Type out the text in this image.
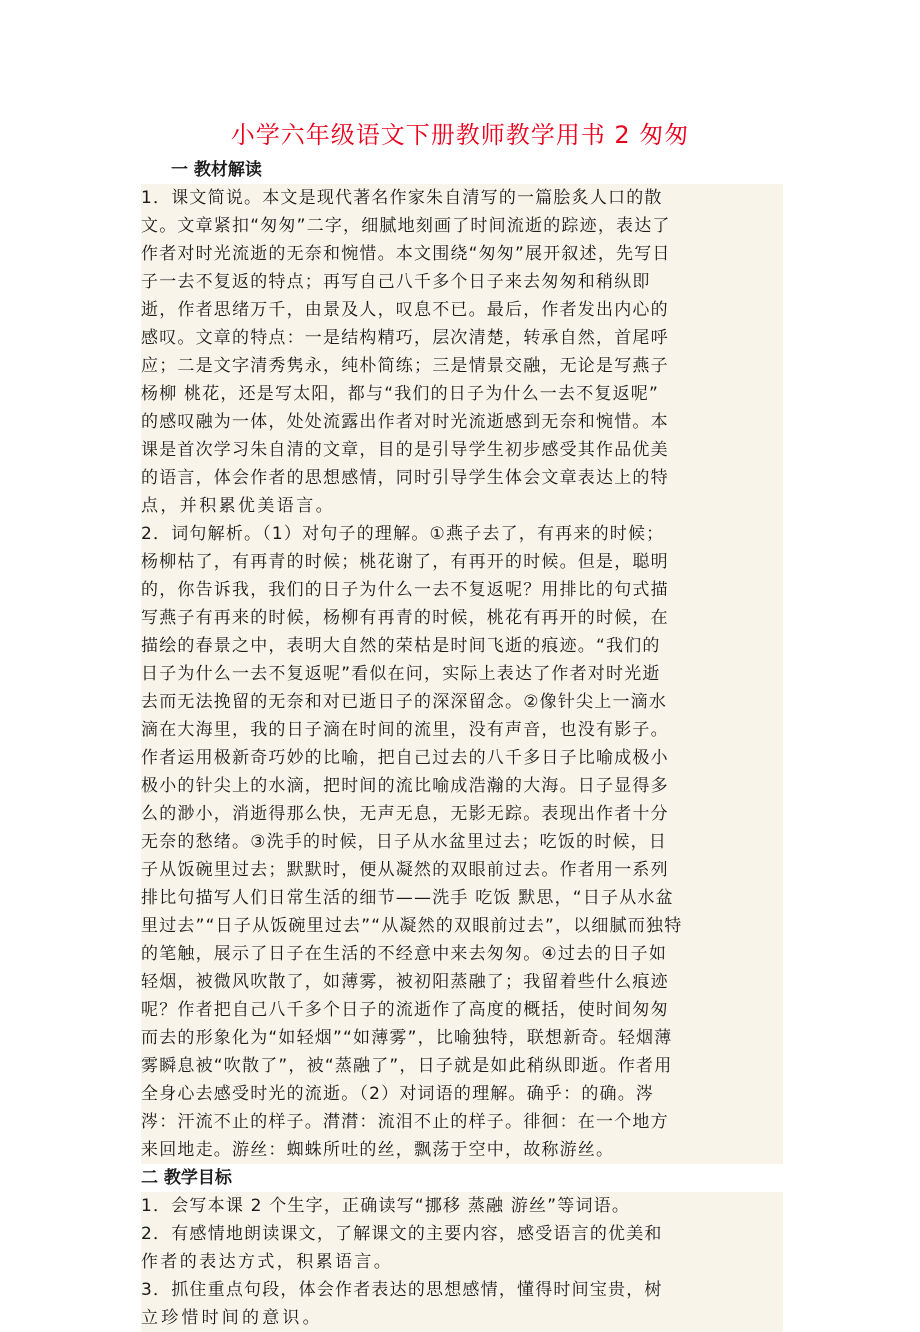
小学六年级语文下册教师教学用书 2 匆匆
一 教材解读
1．课文简说。本文是现代著名作家朱自清写的一篇脍炙人口的散
文。文章紧扣“匆匆”二字，细腻地刻画了时间流逝的踪迹，表达了
作者对时光流逝的无奈和惋惜。本文围绕“匆匆”展开叙述，先写日
子一去不复返的特点；再写自己八千多个日子来去匆匆和稍纵即
逝，作者思绪万千，由景及人，叹息不已。最后，作者发出内心的
感叹。文章的特点：一是结构精巧，层次清楚，转承自然，首尾呼
应；二是文字清秀隽永，纯朴简练；三是情景交融，无论是写燕子
杨柳 桃花，还是写太阳，都与“我们的日子为什么一去不复返呢”
的感叹融为一体，处处流露出作者对时光流逝感到无奈和惋惜。本
课是首次学习朱自清的文章，目的是引导学生初步感受其作品优美
的语言，体会作者的思想感情，同时引导学生体会文章表达上的特
点，并积累优美语言。
2．词句解析。（1）对句子的理解。①燕子去了，有再来的时候；
杨柳枯了，有再青的时候；桃花谢了，有再开的时候。但是，聪明
的，你告诉我，我们的日子为什么一去不复返呢？用排比的句式描
写燕子有再来的时候，杨柳有再青的时候，桃花有再开的时候，在
描绘的春景之中，表明大自然的荣枯是时间飞逝的痕迹。“我们的
日子为什么一去不复返呢”看似在问，实际上表达了作者对时光逝
去而无法挽留的无奈和对已逝日子的深深留念。②像针尖上一滴水
滴在大海里，我的日子滴在时间的流里，没有声音，也没有影子。
作者运用极新奇巧妙的比喻，把自己过去的八千多日子比喻成极小
极小的针尖上的水滴，把时间的流比喻成浩瀚的大海。日子显得多
么的渺小，消逝得那么快，无声无息，无影无踪。表现出作者十分
无奈的愁绪。③洗手的时候，日子从水盆里过去；吃饭的时候，日
子从饭碗里过去；默默时，便从凝然的双眼前过去。作者用一系列
排比句描写人们日常生活的细节——洗手 吃饭 默思，“日子从水盆
里过去”“日子从饭碗里过去”“从凝然的双眼前过去”，以细腻而独特
的笔触，展示了日子在生活的不经意中来去匆匆。④过去的日子如
轻烟，被微风吹散了，如薄雾，被初阳蒸融了；我留着些什么痕迹
呢？作者把自己八千多个日子的流逝作了高度的概括，使时间匆匆
而去的形象化为“如轻烟”“如薄雾”，比喻独特，联想新奇。轻烟薄
雾瞬息被“吹散了”，被“蒸融了”，日子就是如此稍纵即逝。作者用
全身心去感受时光的流逝。（2）对词语的理解。确乎：的确。涔
涔：汗流不止的样子。潸潸：流泪不止的样子。徘徊：在一个地方
来回地走。游丝：蜘蛛所吐的丝，飘荡于空中，故称游丝。
二 教学目标
1．会写本课 2 个生字，正确读写“挪移 蒸融 游丝”等词语。
2．有感情地朗读课文，了解课文的主要内容，感受语言的优美和
作者的表达方式，积累语言。
3．抓住重点句段，体会作者表达的思想感情，懂得时间宝贵，树
立珍惜时间的意识。
